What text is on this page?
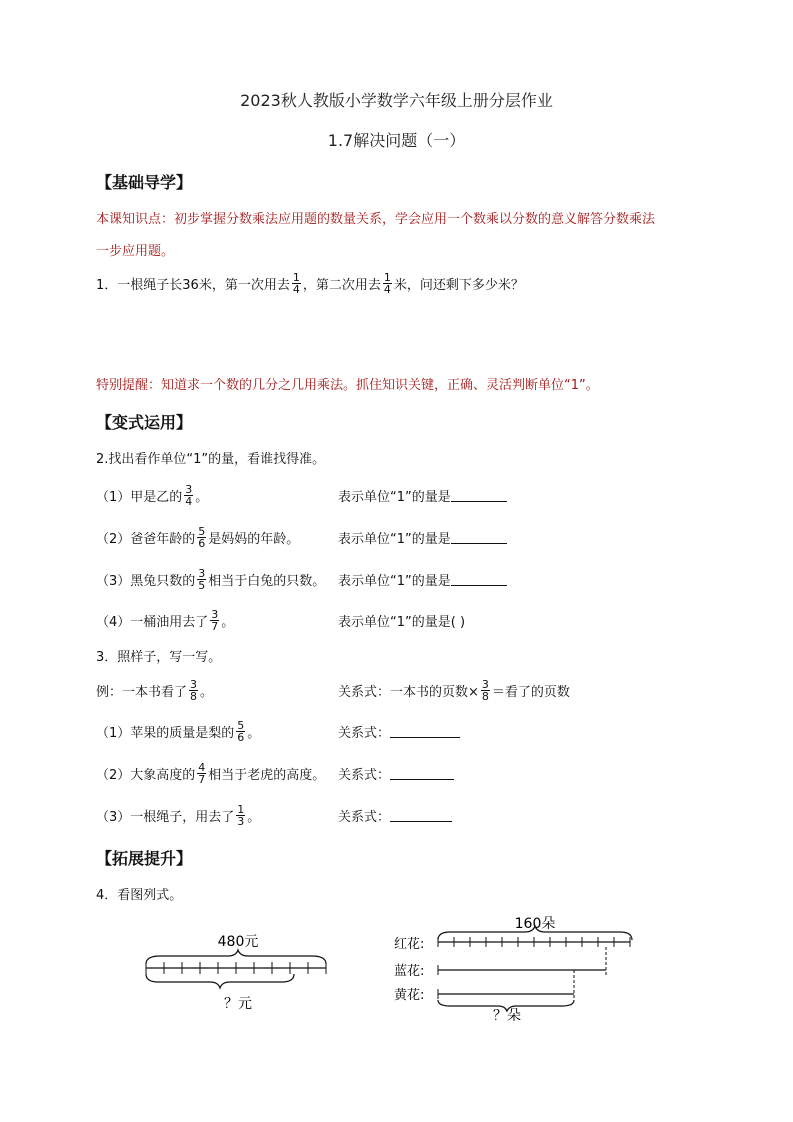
2023秋人教版小学数学六年级上册分层作业
1.7解决问题（一）
【基础导学】
本课知识点：初步掌握分数乘法应用题的数量关系，学会应用一个数乘以分数的意义解答分数乘法
一步应用题。
1．一根绳子长36米，第一次用去 $\frac{1}{4}$ ，第二次用去 $\frac{1}{4}$ 米，问还剩下多少米？
特别提醒：知道求一个数的几分之几用乘法。抓住知识关键，正确、灵活判断单位“1”。
【变式运用】
2.找出看作单位“1”的量，看谁找得准。
（1）甲是乙的 $\frac{3}{4}$ 。	表示单位“1”的量是
（2）爸爸年龄的 $\frac{5}{6}$ 是妈妈的年龄。	表示单位“1”的量是
（3）黑兔只数的 $\frac{3}{5}$ 相当于白兔的只数。 表示单位“1”的量是
（4）一桶油用去了 $\frac{3}{7}$ 。	表示单位“1”的量是( )
3．照样子，写一写。
例：一本书看了 $\frac{3}{8}$ 。	关系式：一本书的页数× $\frac{3}{8}$ ＝看了的页数
（1）苹果的质量是梨的 $\frac{5}{6}$ 。	关系式：
（2）大象高度的 $\frac{4}{7}$ 相当于老虎的高度。 关系式：
（3）一根绳子，用去了 $\frac{1}{3}$ 。	关系式：
【拓展提升】
4．看图列式。
480元
？元
160朵
红花:
蓝花:
黄花:
？朵
